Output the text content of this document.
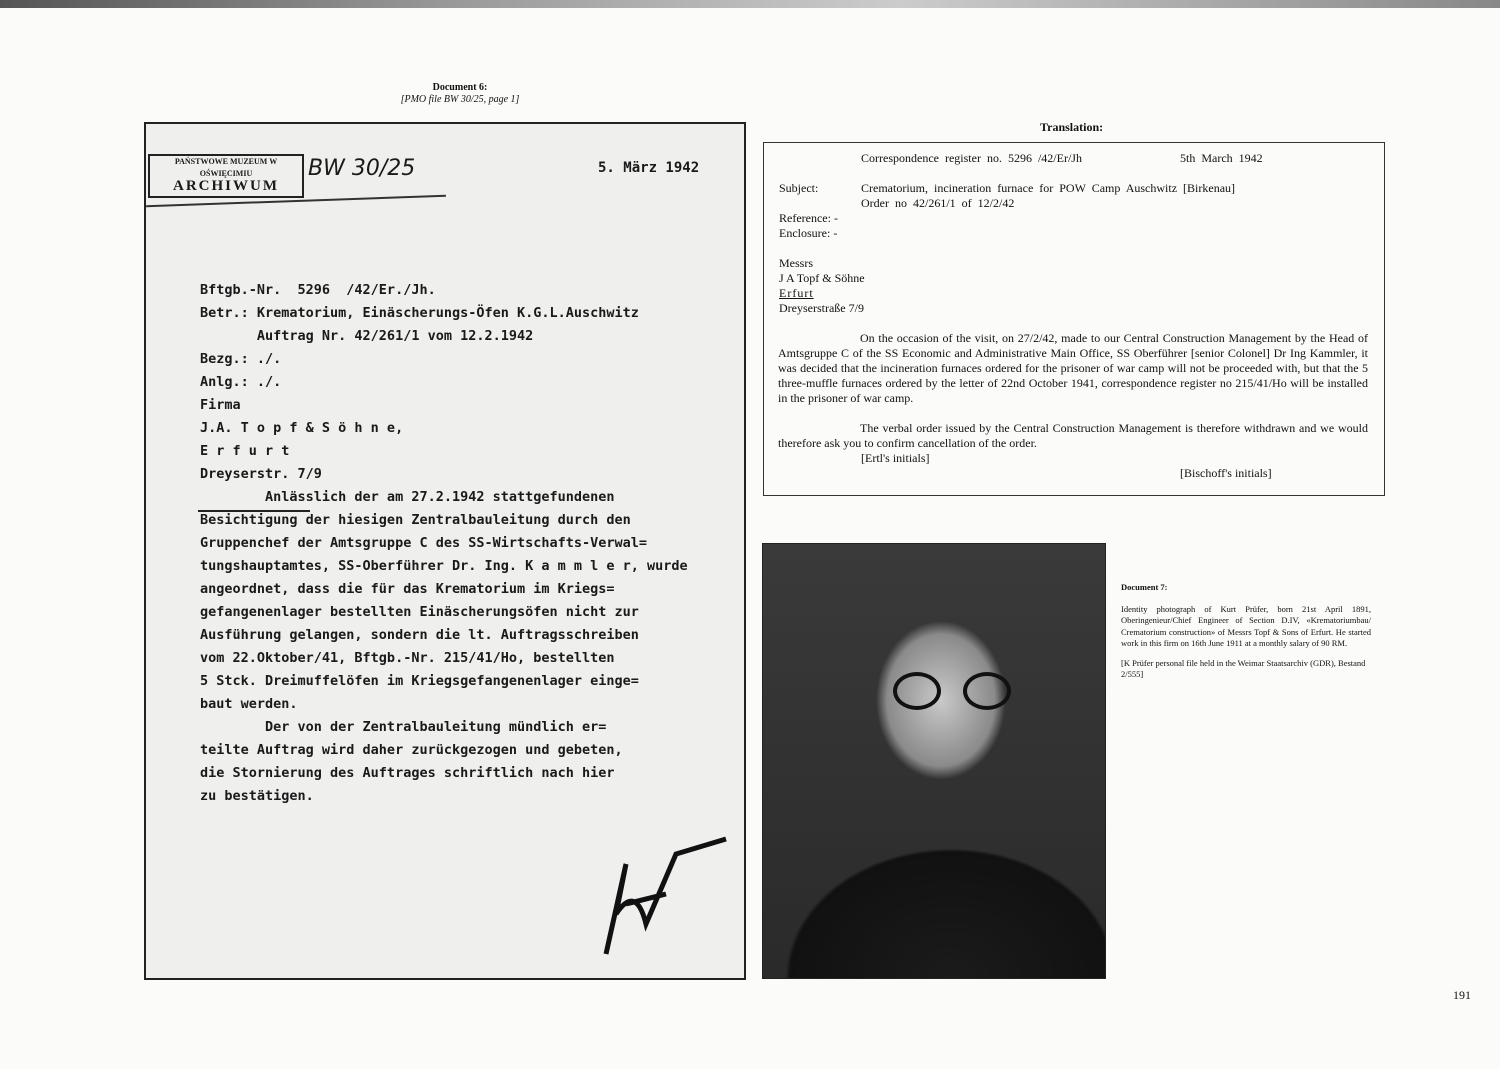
Document 6:
[PMO file BW 30/25, page 1]
PAŃSTWOWE MUZEUM W OŚWIĘCIMIU
ARCHIWUM
BW 30/25	5. März 1942
Bftgb.-Nr.  5296  /42/Er./Jh.
Betr.: Krematorium, Einäscherungs-Öfen K.G.L.Auschwitz
Auftrag Nr. 42/261/1 vom 12.2.1942
Bezg.: ./.
Anlg.: ./.
Firma
J.A. T o p f & S ö h n e,
E r f u r t
Dreyserstr. 7/9
Anlässlich der am 27.2.1942 stattgefundenen
Besichtigung der hiesigen Zentralbauleitung durch den
Gruppenchef der Amtsgruppe C des SS-Wirtschafts-Verwal=
tungshauptamtes, SS-Oberführer Dr. Ing. K a m m l e r, wurde
angeordnet, dass die für das Krematorium im Kriegs=
gefangenenlager bestellten Einäscherungsöfen nicht zur
Ausführung gelangen, sondern die lt. Auftragsschreiben
vom 22.Oktober/41, Bftgb.-Nr. 215/41/Ho, bestellten
5 Stck. Dreimuffelöfen im Kriegsgefangenenlager einge=
baut werden.
Der von der Zentralbauleitung mündlich er=
teilte Auftrag wird daher zurückgezogen und gebeten,
die Stornierung des Auftrages schriftlich nach hier
zu bestätigen.
Translation:
Correspondence register no. 5296 /42/Er/Jh	5th March 1942
Subject:	Crematorium, incineration furnace for POW Camp Auschwitz [Birkenau]
Order no 42/261/1 of 12/2/42
Reference: -
Enclosure: -
Messrs
J A Topf & Söhne
Erfurt
Dreyserstraße 7/9
On the occasion of the visit, on 27/2/42, made to our Central Construction Management by the Head of Amtsgruppe C of the SS Economic and Administrative Main Office, SS Oberführer [senior Colonel] Dr Ing Kammler, it was decided that the incineration furnaces ordered for the prisoner of war camp will not be proceeded with, but that the 5 three-muffle furnaces ordered by the letter of 22nd October 1941, correspondence register no 215/41/Ho will be installed in the prisoner of war camp.
The verbal order issued by the Central Construction Management is therefore withdrawn and we would therefore ask you to confirm cancellation of the order.
[Ertl's initials]
[Bischoff's initials]
Document 7:
Identity photograph of Kurt Prüfer, born 21st April 1891, Oberingenieur/Chief Engineer of Section D.IV, «Krematoriumbau/ Crematorium construction» of Messrs Topf & Sons of Erfurt. He started work in this firm on 16th June 1911 at a monthly salary of 90 RM.
[K Prüfer personal file held in the Weimar Staatsarchiv (GDR), Bestand 2/555]
191
